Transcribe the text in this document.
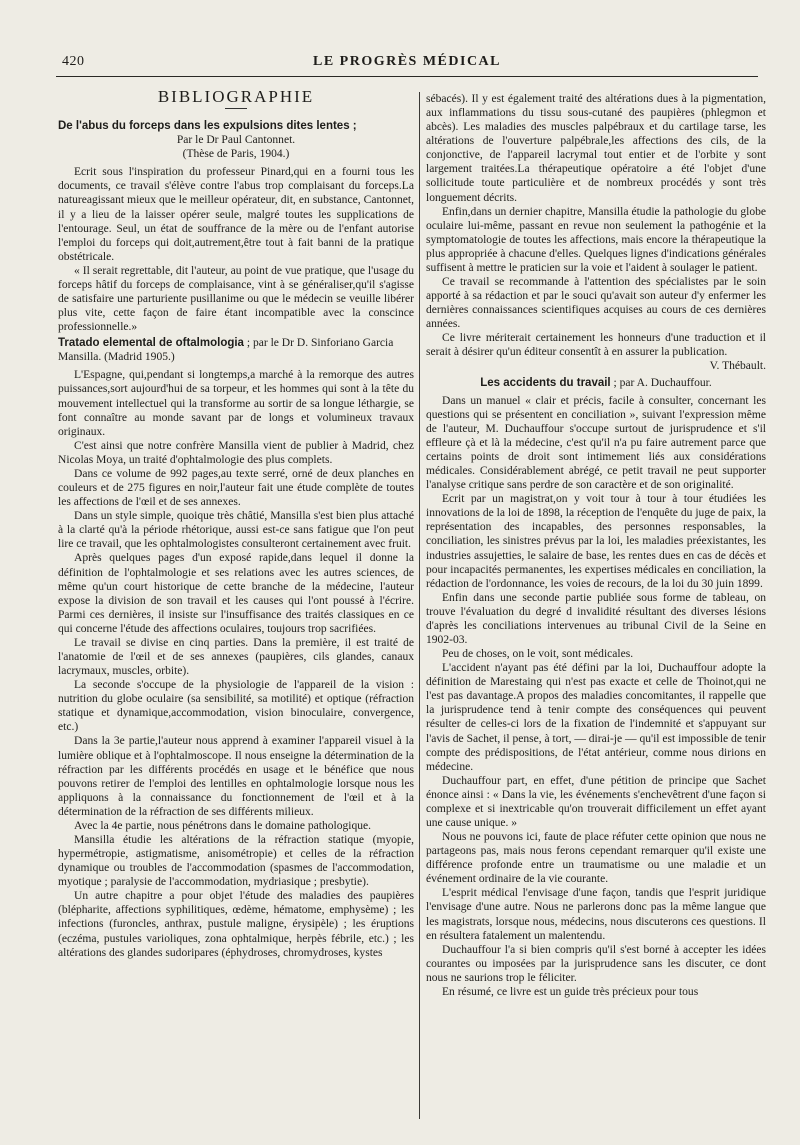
420	LE PROGRÈS MÉDICAL
BIBLIOGRAPHIE

De l'abus du forceps dans les expulsions dites lentes ;

Par le Dr Paul Cantonnet.

(Thèse de Paris, 1904.)

Ecrit sous l'inspiration du professeur Pinard,qui en a fourni tous les documents, ce travail s'élève contre l'abus trop complaisant du forceps.La natureagissant mieux que le meilleur opérateur, dit, en substance, Cantonnet, il y a lieu de la laisser opérer seule, malgré toutes les supplications de l'entourage. Seul, un état de souffrance de la mère ou de l'enfant autorise l'emploi du forceps qui doit,autrement,être tout à fait banni de la pratique obstétricale.

« Il serait regrettable, dit l'auteur, au point de vue pratique, que l'usage du forceps hâtif du forceps de complaisance, vint à se généraliser,qu'il s'agisse de satisfaire une parturiente pusillanime ou que le médecin se veuille libérer plus vite, cette façon de faire étant incompatible avec la conscince professionnelle.»

Tratado elemental de oftalmologia ; par le Dr D. Sinforiano Garcia Mansilla. (Madrid 1905.)

L'Espagne, qui,pendant si longtemps,a marché à la remorque des autres puissances,sort aujourd'hui de sa torpeur, et les hommes qui sont à la tête du mouvement intellectuel qui la transforme au sortir de sa longue léthargie, se font connaître au monde savant par de longs et volumineux travaux originaux.

C'est ainsi que notre confrère Mansilla vient de publier à Madrid, chez Nicolas Moya, un traité d'ophtalmologie des plus complets.

Dans ce volume de 992 pages,au texte serré, orné de deux planches en couleurs et de 275 figures en noir,l'auteur fait une étude complète de toutes les affections de l'œil et de ses annexes.

Dans un style simple, quoique très châtié, Mansilla s'est bien plus attaché à la clarté qu'à la période rhétorique, aussi est-ce sans fatigue que l'on peut lire ce travail, que les ophtalmologistes consulteront certainement avec fruit.

Après quelques pages d'un exposé rapide,dans lequel il donne la définition de l'ophtalmologie et ses relations avec les autres sciences, de même qu'un court historique de cette branche de la médecine, l'auteur expose la division de son travail et les causes qui l'ont poussé à l'écrire. Parmi ces dernières, il insiste sur l'insuffisance des traités classiques en ce qui concerne l'étude des affections oculaires, toujours trop sacrifiées.

Le travail se divise en cinq parties. Dans la première, il est traité de l'anatomie de l'œil et de ses annexes (paupières, cils glandes, canaux lacrymaux, muscles, orbite).

La seconde s'occupe de la physiologie de l'appareil de la vision : nutrition du globe oculaire (sa sensibilité, sa motilité) et optique (réfraction statique et dynamique,accommodation, vision binoculaire, convergence, etc.)

Dans la 3e partie,l'auteur nous apprend à examiner l'appareil visuel à la lumière oblique et à l'ophtalmoscope. Il nous enseigne la détermination de la réfraction par les différents procédés en usage et le bénéfice que nous pouvons retirer de l'emploi des lentilles en ophtalmologie lorsque nous les appliquons à la connaissance du fonctionnement de l'œil et à la détermination de la réfraction de ses différents milieux.

Avec la 4e partie, nous pénétrons dans le domaine pathologique.

Mansilla étudie les altérations de la réfraction statique (myopie, hypermétropie, astigmatisme, anisométropie) et celles de la réfraction dynamique ou troubles de l'accommodation (spasmes de l'accommodation, myotique ; paralysie de l'accommodation, mydriasique ; presbytie).

Un autre chapitre a pour objet l'étude des maladies des paupières (blépharite, affections syphilitiques, œdème, hématome, emphysème) ; les infections (furoncles, anthrax, pustule maligne, érysipèle) ; les éruptions (eczéma, pustules varioliques, zona ophtalmique, herpès fébrile, etc.) ; les altérations des glandes sudoripares (éphydroses, chromydroses, kystes

sébacés). Il y est également traité des altérations dues à la pigmentation, aux inflammations du tissu sous-cutané des paupières (phlegmon et abcès). Les maladies des muscles palpébraux et du cartilage tarse, les altérations de l'ouverture palpébrale,les affections des cils, de la conjonctive, de l'appareil lacrymal tout entier et de l'orbite y sont largement traitées.La thérapeutique opératoire a été l'objet d'une sollicitude toute particulière et de nombreux procédés y sont très longuement décrits.

Enfin,dans un dernier chapitre, Mansilla étudie la pathologie du globe oculaire lui-même, passant en revue non seulement la pathogénie et la symptomatologie de toutes les affections, mais encore la thérapeutique la plus appropriée à chacune d'elles. Quelques lignes d'indications générales suffisent à mettre le praticien sur la voie et l'aident à soulager le patient.

Ce travail se recommande à l'attention des spécialistes par le soin apporté à sa rédaction et par le souci qu'avait son auteur d'y enfermer les dernières connaissances scientifiques acquises au cours de ces dernières années.

Ce livre mériterait certainement les honneurs d'une traduction et il serait à désirer qu'un éditeur consentît à en assurer la publication.

V. Thébault.

Les accidents du travail ; par A. Duchauffour.

Dans un manuel « clair et précis, facile à consulter, concernant les questions qui se présentent en conciliation », suivant l'expression même de l'auteur, M. Duchauffour s'occupe surtout de jurisprudence et s'il effleure çà et là la médecine, c'est qu'il n'a pu faire autrement parce que certains points de droit sont intimement liés aux considérations médicales. Considérablement abrégé, ce petit travail ne peut supporter l'analyse critique sans perdre de son caractère et de son originalité.

Ecrit par un magistrat,on y voit tour à tour à tour étudiées les innovations de la loi de 1898, la réception de l'enquête du juge de paix, la représentation des incapables, des personnes responsables, la conciliation, les sinistres prévus par la loi, les maladies préexistantes, les industries assujetties, le salaire de base, les rentes dues en cas de décès et pour incapacités permanentes, les expertises médicales en conciliation, la rédaction de l'ordonnance, les voies de recours, de la loi du 30 juin 1899.

Enfin dans une seconde partie publiée sous forme de tableau, on trouve l'évaluation du degré d invalidité résultant des diverses lésions d'après les conciliations intervenues au tribunal Civil de la Seine en 1902-03.

Peu de choses, on le voit, sont médicales.

L'accident n'ayant pas été défini par la loi, Duchauffour adopte la définition de Marestaing qui n'est pas exacte et celle de Thoinot,qui ne l'est pas davantage.A propos des maladies concomitantes, il rappelle que la jurisprudence tend à tenir compte des conséquences qui peuvent résulter de celles-ci lors de la fixation de l'indemnité et s'appuyant sur l'avis de Sachet, il pense, à tort, — dirai-je — qu'il est impossible de tenir compte des prédispositions, de l'état antérieur, comme nous dirions en médecine.

Duchauffour part, en effet, d'une pétition de principe que Sachet énonce ainsi : « Dans la vie, les événements s'enchevêtrent d'une façon si complexe et si inextricable qu'on trouverait difficilement un effet ayant une cause unique. »

Nous ne pouvons ici, faute de place réfuter cette opinion que nous ne partageons pas, mais nous ferons cependant remarquer qu'il existe une différence profonde entre un traumatisme ou une maladie et un événement ordinaire de la vie courante.

L'esprit médical l'envisage d'une façon, tandis que l'esprit juridique l'envisage d'une autre. Nous ne parlerons donc pas la même langue que les magistrats, lorsque nous, médecins, nous discuterons ces questions. Il en résultera fatalement un malentendu.

Duchauffour l'a si bien compris qu'il s'est borné à accepter les idées courantes ou imposées par la jurisprudence sans les discuter, ce dont nous ne saurions trop le féliciter.

En résumé, ce livre est un guide très précieux pour tous
